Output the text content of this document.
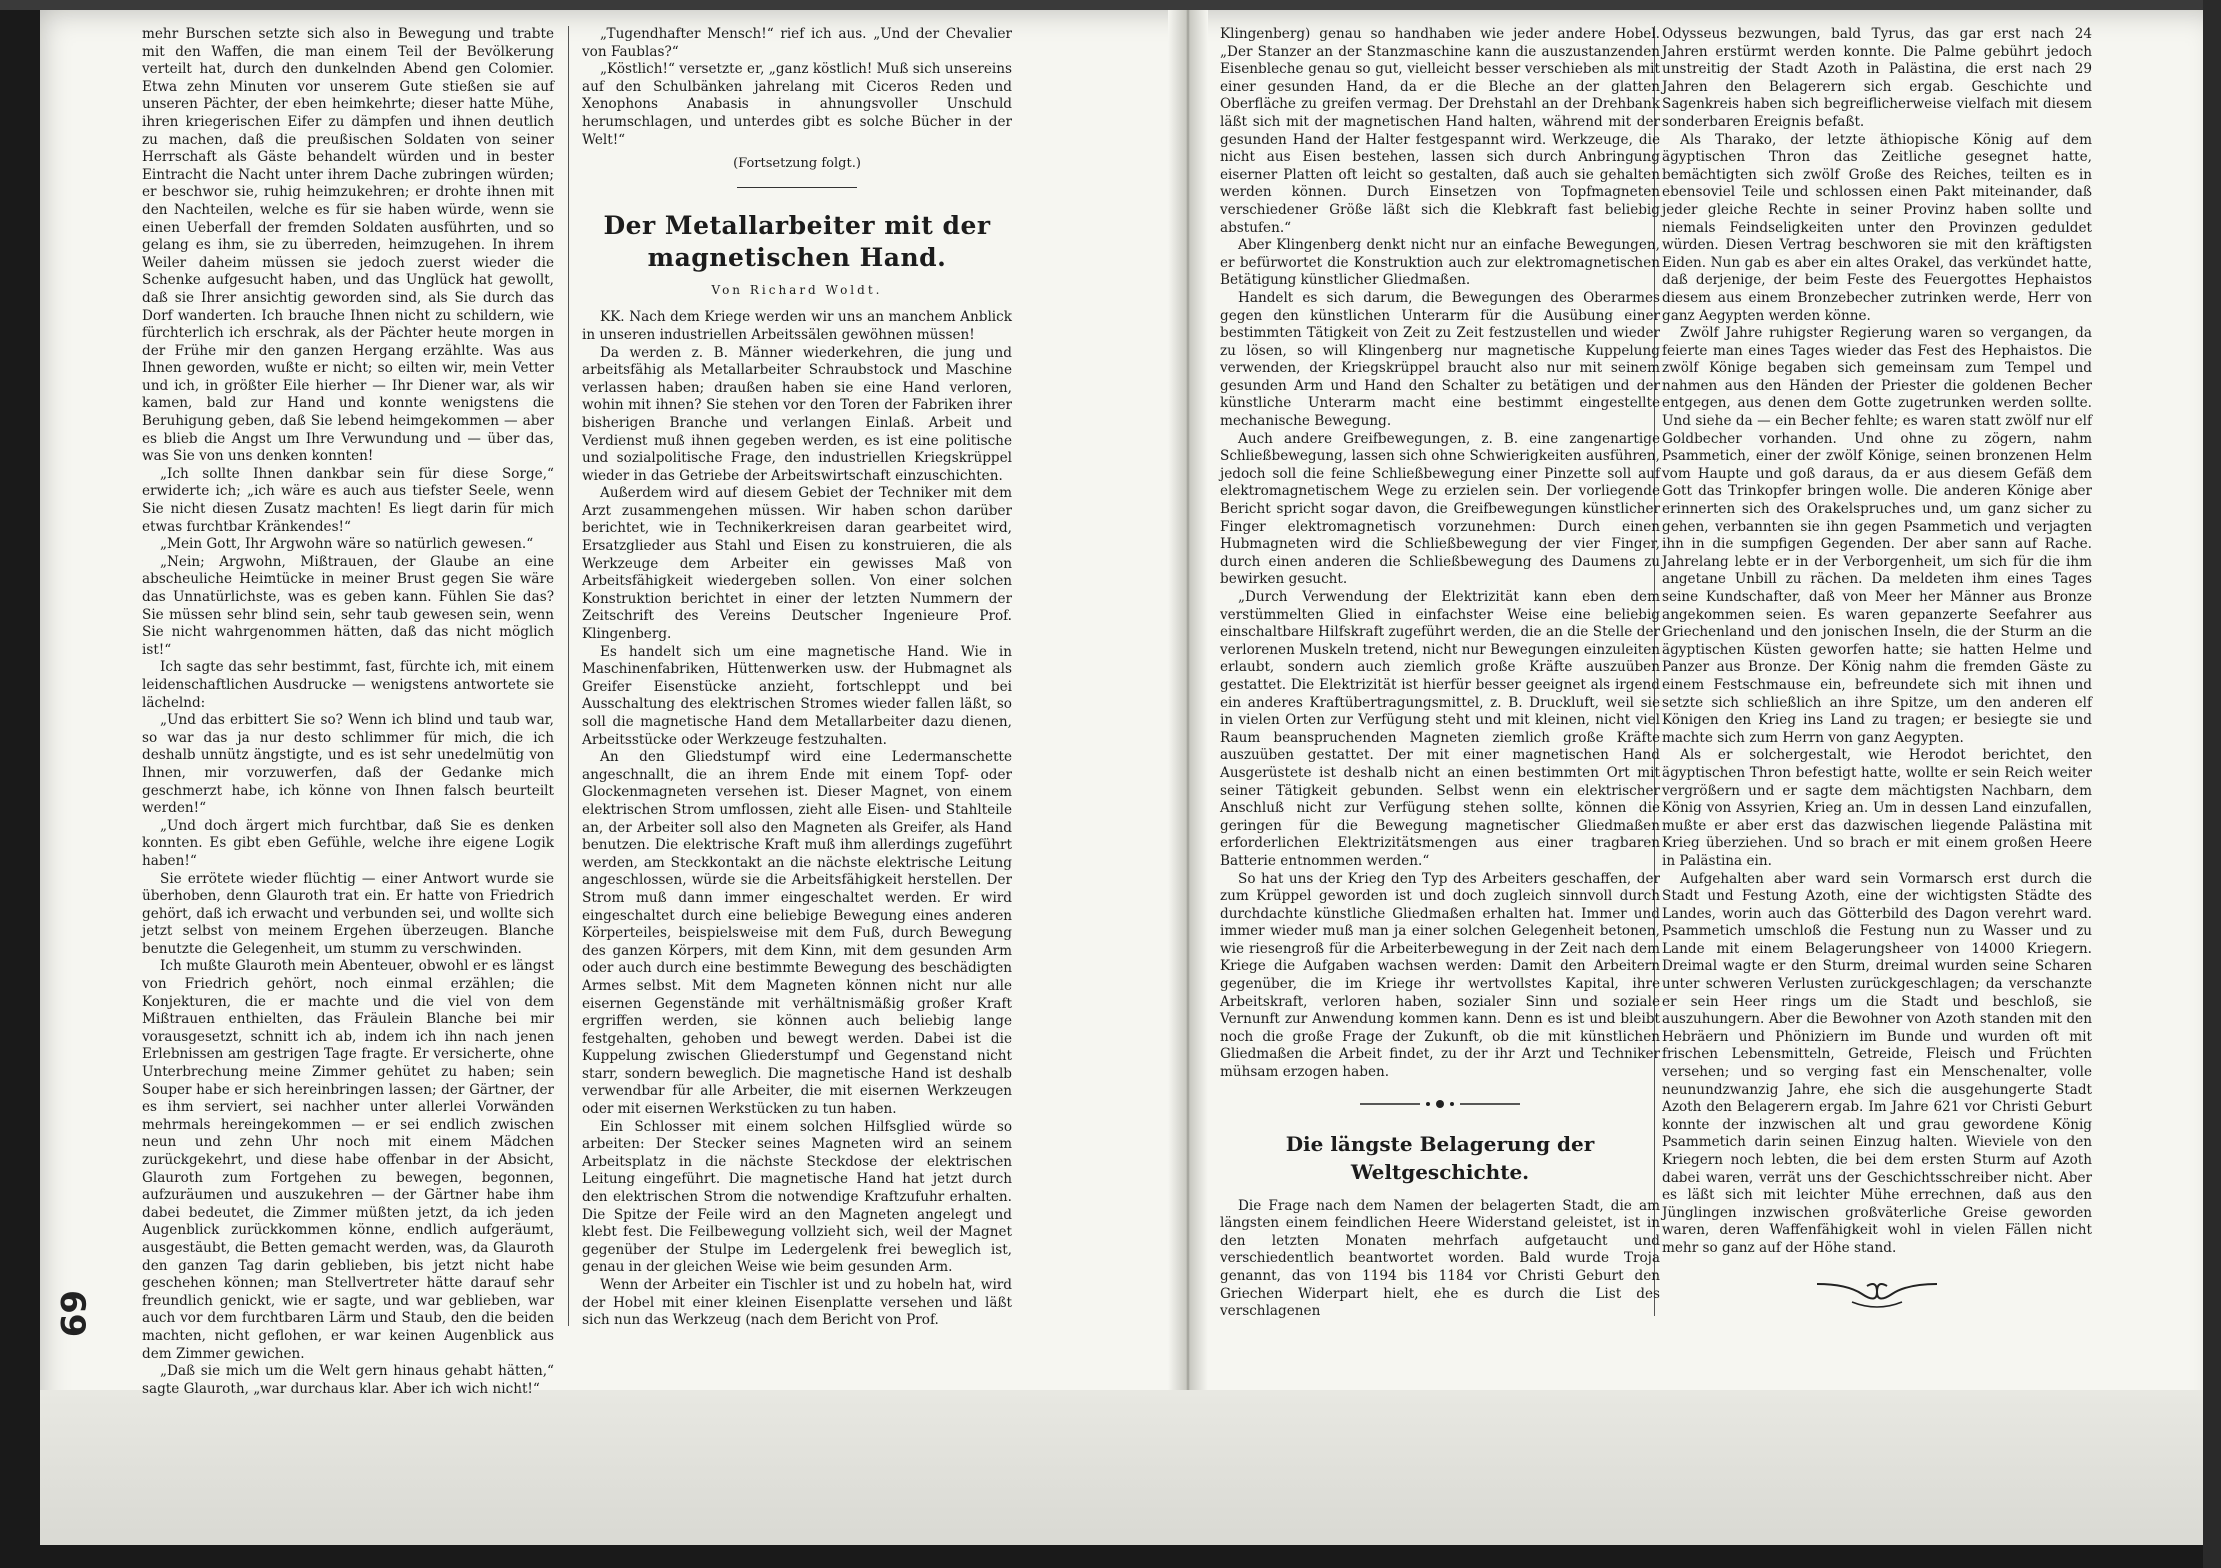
69

mehr Burschen setzte sich also in Bewegung und trabte mit den Waffen, die man einem Teil der Bevölkerung verteilt hat, durch den dunkelnden Abend gen Colomier. Etwa zehn Minuten vor unserem Gute stießen sie auf unseren Pächter, der eben heimkehrte; dieser hatte Mühe, ihren kriegerischen Eifer zu dämpfen und ihnen deutlich zu machen, daß die preußischen Soldaten von seiner Herrschaft als Gäste behandelt würden und in bester Eintracht die Nacht unter ihrem Dache zubringen würden; er beschwor sie, ruhig heimzukehren; er drohte ihnen mit den Nachteilen, welche es für sie haben würde, wenn sie einen Ueberfall der fremden Soldaten ausführten, und so gelang es ihm, sie zu überreden, heimzugehen. In ihrem Weiler daheim müssen sie jedoch zuerst wieder die Schenke aufgesucht haben, und das Unglück hat gewollt, daß sie Ihrer ansichtig geworden sind, als Sie durch das Dorf wanderten. Ich brauche Ihnen nicht zu schildern, wie fürchterlich ich erschrak, als der Pächter heute morgen in der Frühe mir den ganzen Hergang erzählte. Was aus Ihnen geworden, wußte er nicht; so eilten wir, mein Vetter und ich, in größter Eile hierher — Ihr Diener war, als wir kamen, bald zur Hand und konnte wenigstens die Beruhigung geben, daß Sie lebend heimgekommen — aber es blieb die Angst um Ihre Verwundung und — über das, was Sie von uns denken konnten!

„Ich sollte Ihnen dankbar sein für diese Sorge,“ erwiderte ich; „ich wäre es auch aus tiefster Seele, wenn Sie nicht diesen Zusatz machten! Es liegt darin für mich etwas furchtbar Kränkendes!“

„Mein Gott, Ihr Argwohn wäre so natürlich gewesen.“

„Nein; Argwohn, Mißtrauen, der Glaube an eine abscheuliche Heimtücke in meiner Brust gegen Sie wäre das Unnatürlichste, was es geben kann. Fühlen Sie das? Sie müssen sehr blind sein, sehr taub gewesen sein, wenn Sie nicht wahrgenommen hätten, daß das nicht möglich ist!“

Ich sagte das sehr bestimmt, fast, fürchte ich, mit einem leidenschaftlichen Ausdrucke — wenigstens antwortete sie lächelnd:

„Und das erbittert Sie so? Wenn ich blind und taub war, so war das ja nur desto schlimmer für mich, die ich deshalb unnütz ängstigte, und es ist sehr unedelmütig von Ihnen, mir vorzuwerfen, daß der Gedanke mich geschmerzt habe, ich könne von Ihnen falsch beurteilt werden!“

„Und doch ärgert mich furchtbar, daß Sie es denken konnten. Es gibt eben Gefühle, welche ihre eigene Logik haben!“

Sie errötete wieder flüchtig — einer Antwort wurde sie überhoben, denn Glauroth trat ein. Er hatte von Friedrich gehört, daß ich erwacht und verbunden sei, und wollte sich jetzt selbst von meinem Ergehen überzeugen. Blanche benutzte die Gelegenheit, um stumm zu verschwinden.

Ich mußte Glauroth mein Abenteuer, obwohl er es längst von Friedrich gehört, noch einmal erzählen; die Konjekturen, die er machte und die viel von dem Mißtrauen enthielten, das Fräulein Blanche bei mir vorausgesetzt, schnitt ich ab, indem ich ihn nach jenen Erlebnissen am gestrigen Tage fragte. Er versicherte, ohne Unterbrechung meine Zimmer gehütet zu haben; sein Souper habe er sich hereinbringen lassen; der Gärtner, der es ihm serviert, sei nachher unter allerlei Vorwänden mehrmals hereingekommen — er sei endlich zwischen neun und zehn Uhr noch mit einem Mädchen zurückgekehrt, und diese habe offenbar in der Absicht, Glauroth zum Fortgehen zu bewegen, begonnen, aufzuräumen und auszukehren — der Gärtner habe ihm dabei bedeutet, die Zimmer müßten jetzt, da ich jeden Augenblick zurückkommen könne, endlich aufgeräumt, ausgestäubt, die Betten gemacht werden, was, da Glauroth den ganzen Tag darin geblieben, bis jetzt nicht habe geschehen können; man Stellvertreter hätte darauf sehr freundlich genickt, wie er sagte, und war geblieben, war auch vor dem furchtbaren Lärm und Staub, den die beiden machten, nicht geflohen, er war keinen Augenblick aus dem Zimmer gewichen.

„Daß sie mich um die Welt gern hinaus gehabt hätten,“ sagte Glauroth, „war durchaus klar. Aber ich wich nicht!“

„Tugendhafter Mensch!“ rief ich aus. „Und der Chevalier von Faublas?“

„Köstlich!“ versetzte er, „ganz köstlich! Muß sich unsereins auf den Schulbänken jahrelang mit Ciceros Reden und Xenophons Anabasis in ahnungsvoller Unschuld herumschlagen, und unterdes gibt es solche Bücher in der Welt!“

(Fortsetzung folgt.)
Der Metallarbeiter mit der magnetischen Hand.
Von Richard Woldt.

KK. Nach dem Kriege werden wir uns an manchem Anblick in unseren industriellen Arbeitssälen gewöhnen müssen!

Da werden z. B. Männer wiederkehren, die jung und arbeitsfähig als Metallarbeiter Schraubstock und Maschine verlassen haben; draußen haben sie eine Hand verloren, wohin mit ihnen? Sie stehen vor den Toren der Fabriken ihrer bisherigen Branche und verlangen Einlaß. Arbeit und Verdienst muß ihnen gegeben werden, es ist eine politische und sozialpolitische Frage, den industriellen Kriegskrüppel wieder in das Getriebe der Arbeitswirtschaft einzuschichten.

Außerdem wird auf diesem Gebiet der Techniker mit dem Arzt zusammengehen müssen. Wir haben schon darüber berichtet, wie in Technikerkreisen daran gearbeitet wird, Ersatzglieder aus Stahl und Eisen zu konstruieren, die als Werkzeuge dem Arbeiter ein gewisses Maß von Arbeitsfähigkeit wiedergeben sollen. Von einer solchen Konstruktion berichtet in einer der letzten Nummern der Zeitschrift des Vereins Deutscher Ingenieure Prof. Klingenberg.

Es handelt sich um eine magnetische Hand. Wie in Maschinenfabriken, Hüttenwerken usw. der Hubmagnet als Greifer Eisenstücke anzieht, fortschleppt und bei Ausschaltung des elektrischen Stromes wieder fallen läßt, so soll die magnetische Hand dem Metallarbeiter dazu dienen, Arbeitsstücke oder Werkzeuge festzuhalten.

An den Gliedstumpf wird eine Ledermanschette angeschnallt, die an ihrem Ende mit einem Topf- oder Glockenmagneten versehen ist. Dieser Magnet, von einem elektrischen Strom umflossen, zieht alle Eisen- und Stahlteile an, der Arbeiter soll also den Magneten als Greifer, als Hand benutzen. Die elektrische Kraft muß ihm allerdings zugeführt werden, am Steckkontakt an die nächste elektrische Leitung angeschlossen, würde sie die Arbeitsfähigkeit herstellen. Der Strom muß dann immer eingeschaltet werden. Er wird eingeschaltet durch eine beliebige Bewegung eines anderen Körperteiles, beispielsweise mit dem Fuß, durch Bewegung des ganzen Körpers, mit dem Kinn, mit dem gesunden Arm oder auch durch eine bestimmte Bewegung des beschädigten Armes selbst. Mit dem Magneten können nicht nur alle eisernen Gegenstände mit verhältnismäßig großer Kraft ergriffen werden, sie können auch beliebig lange festgehalten, gehoben und bewegt werden. Dabei ist die Kuppelung zwischen Gliederstumpf und Gegenstand nicht starr, sondern beweglich. Die magnetische Hand ist deshalb verwendbar für alle Arbeiter, die mit eisernen Werkzeugen oder mit eisernen Werkstücken zu tun haben.

Ein Schlosser mit einem solchen Hilfsglied würde so arbeiten: Der Stecker seines Magneten wird an seinem Arbeitsplatz in die nächste Steckdose der elektrischen Leitung eingeführt. Die magnetische Hand hat jetzt durch den elektrischen Strom die notwendige Kraftzufuhr erhalten. Die Spitze der Feile wird an den Magneten angelegt und klebt fest. Die Feilbewegung vollzieht sich, weil der Magnet gegenüber der Stulpe im Ledergelenk frei beweglich ist, genau in der gleichen Weise wie beim gesunden Arm.

Wenn der Arbeiter ein Tischler ist und zu hobeln hat, wird der Hobel mit einer kleinen Eisenplatte versehen und läßt sich nun das Werkzeug (nach dem Bericht von Prof.

Klingenberg) genau so handhaben wie jeder andere Hobel. „Der Stanzer an der Stanzmaschine kann die auszustanzenden Eisenbleche genau so gut, vielleicht besser verschieben als mit einer gesunden Hand, da er die Bleche an der glatten Oberfläche zu greifen vermag. Der Drehstahl an der Drehbank läßt sich mit der magnetischen Hand halten, während mit der gesunden Hand der Halter festgespannt wird. Werkzeuge, die nicht aus Eisen bestehen, lassen sich durch Anbringung eiserner Platten oft leicht so gestalten, daß auch sie gehalten werden können. Durch Einsetzen von Topfmagneten verschiedener Größe läßt sich die Klebkraft fast beliebig abstufen.“

Aber Klingenberg denkt nicht nur an einfache Bewegungen, er befürwortet die Konstruktion auch zur elektromagnetischen Betätigung künstlicher Gliedmaßen.

Handelt es sich darum, die Bewegungen des Oberarmes gegen den künstlichen Unterarm für die Ausübung einer bestimmten Tätigkeit von Zeit zu Zeit festzustellen und wieder zu lösen, so will Klingenberg nur magnetische Kuppelung verwenden, der Kriegskrüppel braucht also nur mit seinem gesunden Arm und Hand den Schalter zu betätigen und der künstliche Unterarm macht eine bestimmt eingestellte mechanische Bewegung.

Auch andere Greifbewegungen, z. B. eine zangenartige Schließbewegung, lassen sich ohne Schwierigkeiten ausführen, jedoch soll die feine Schließbewegung einer Pinzette soll auf elektromagnetischem Wege zu erzielen sein. Der vorliegende Bericht spricht sogar davon, die Greifbewegungen künstlicher Finger elektromagnetisch vorzunehmen: Durch einen Hubmagneten wird die Schließbewegung der vier Finger, durch einen anderen die Schließbewegung des Daumens zu bewirken gesucht.

„Durch Verwendung der Elektrizität kann eben dem verstümmelten Glied in einfachster Weise eine beliebig einschaltbare Hilfskraft zugeführt werden, die an die Stelle der verlorenen Muskeln tretend, nicht nur Bewegungen einzuleiten erlaubt, sondern auch ziemlich große Kräfte auszuüben gestattet. Die Elektrizität ist hierfür besser geeignet als irgend ein anderes Kraftübertragungsmittel, z. B. Druckluft, weil sie in vielen Orten zur Verfügung steht und mit kleinen, nicht viel Raum beanspruchenden Magneten ziemlich große Kräfte auszuüben gestattet. Der mit einer magnetischen Hand Ausgerüstete ist deshalb nicht an einen bestimmten Ort mit seiner Tätigkeit gebunden. Selbst wenn ein elektrischer Anschluß nicht zur Verfügung stehen sollte, können die geringen für die Bewegung magnetischer Gliedmaßen erforderlichen Elektrizitätsmengen aus einer tragbaren Batterie entnommen werden.“

So hat uns der Krieg den Typ des Arbeiters geschaffen, der zum Krüppel geworden ist und doch zugleich sinnvoll durch durchdachte künstliche Gliedmaßen erhalten hat. Immer und immer wieder muß man ja einer solchen Gelegenheit betonen, wie riesengroß für die Arbeiterbewegung in der Zeit nach dem Kriege die Aufgaben wachsen werden: Damit den Arbeitern gegenüber, die im Kriege ihr wertvollstes Kapital, ihre Arbeitskraft, verloren haben, sozialer Sinn und soziale Vernunft zur Anwendung kommen kann. Denn es ist und bleibt noch die große Frage der Zukunft, ob die mit künstlichen Gliedmaßen die Arbeit findet, zu der ihr Arzt und Techniker mühsam erzogen haben.

Die längste Belagerung der Weltgeschichte.

Die Frage nach dem Namen der belagerten Stadt, die am längsten einem feindlichen Heere Widerstand geleistet, ist in den letzten Monaten mehrfach aufgetaucht und verschiedentlich beantwortet worden. Bald wurde Troja genannt, das von 1194 bis 1184 vor Christi Geburt den Griechen Widerpart hielt, ehe es durch die List des verschlagenen

Odysseus bezwungen, bald Tyrus, das gar erst nach 24 Jahren erstürmt werden konnte. Die Palme gebührt jedoch unstreitig der Stadt Azoth in Palästina, die erst nach 29 Jahren den Belagerern sich ergab. Geschichte und Sagenkreis haben sich begreiflicherweise vielfach mit diesem sonderbaren Ereignis befaßt.

Als Tharako, der letzte äthiopische König auf dem ägyptischen Thron das Zeitliche gesegnet hatte, bemächtigten sich zwölf Große des Reiches, teilten es in ebensoviel Teile und schlossen einen Pakt miteinander, daß jeder gleiche Rechte in seiner Provinz haben sollte und niemals Feindseligkeiten unter den Provinzen geduldet würden. Diesen Vertrag beschworen sie mit den kräftigsten Eiden. Nun gab es aber ein altes Orakel, das verkündet hatte, daß derjenige, der beim Feste des Feuergottes Hephaistos diesem aus einem Bronzebecher zutrinken werde, Herr von ganz Aegypten werden könne.

Zwölf Jahre ruhigster Regierung waren so vergangen, da feierte man eines Tages wieder das Fest des Hephaistos. Die zwölf Könige begaben sich gemeinsam zum Tempel und nahmen aus den Händen der Priester die goldenen Becher entgegen, aus denen dem Gotte zugetrunken werden sollte. Und siehe da — ein Becher fehlte; es waren statt zwölf nur elf Goldbecher vorhanden. Und ohne zu zögern, nahm Psammetich, einer der zwölf Könige, seinen bronzenen Helm vom Haupte und goß daraus, da er aus diesem Gefäß dem Gott das Trinkopfer bringen wolle. Die anderen Könige aber erinnerten sich des Orakelspruches und, um ganz sicher zu gehen, verbannten sie ihn gegen Psammetich und verjagten ihn in die sumpfigen Gegenden. Der aber sann auf Rache. Jahrelang lebte er in der Verborgenheit, um sich für die ihm angetane Unbill zu rächen. Da meldeten ihm eines Tages seine Kundschafter, daß von Meer her Männer aus Bronze angekommen seien. Es waren gepanzerte Seefahrer aus Griechenland und den jonischen Inseln, die der Sturm an die ägyptischen Küsten geworfen hatte; sie hatten Helme und Panzer aus Bronze. Der König nahm die fremden Gäste zu einem Festschmause ein, befreundete sich mit ihnen und setzte sich schließlich an ihre Spitze, um den anderen elf Königen den Krieg ins Land zu tragen; er besiegte sie und machte sich zum Herrn von ganz Aegypten.

Als er solchergestalt, wie Herodot berichtet, den ägyptischen Thron befestigt hatte, wollte er sein Reich weiter vergrößern und er sagte dem mächtigsten Nachbarn, dem König von Assyrien, Krieg an. Um in dessen Land einzufallen, mußte er aber erst das dazwischen liegende Palästina mit Krieg überziehen. Und so brach er mit einem großen Heere in Palästina ein.

Aufgehalten aber ward sein Vormarsch erst durch die Stadt und Festung Azoth, eine der wichtigsten Städte des Landes, worin auch das Götterbild des Dagon verehrt ward. Psammetich umschloß die Festung nun zu Wasser und zu Lande mit einem Belagerungsheer von 14000 Kriegern. Dreimal wagte er den Sturm, dreimal wurden seine Scharen unter schweren Verlusten zurückgeschlagen; da verschanzte er sein Heer rings um die Stadt und beschloß, sie auszuhungern. Aber die Bewohner von Azoth standen mit den Hebräern und Phöniziern im Bunde und wurden oft mit frischen Lebensmitteln, Getreide, Fleisch und Früchten versehen; und so verging fast ein Menschenalter, volle neunundzwanzig Jahre, ehe sich die ausgehungerte Stadt Azoth den Belagerern ergab. Im Jahre 621 vor Christi Geburt konnte der inzwischen alt und grau gewordene König Psammetich darin seinen Einzug halten. Wieviele von den Kriegern noch lebten, die bei dem ersten Sturm auf Azoth dabei waren, verrät uns der Geschichtsschreiber nicht. Aber es läßt sich mit leichter Mühe errechnen, daß aus den Jünglingen inzwischen großväterliche Greise geworden waren, deren Waffenfähigkeit wohl in vielen Fällen nicht mehr so ganz auf der Höhe stand.
